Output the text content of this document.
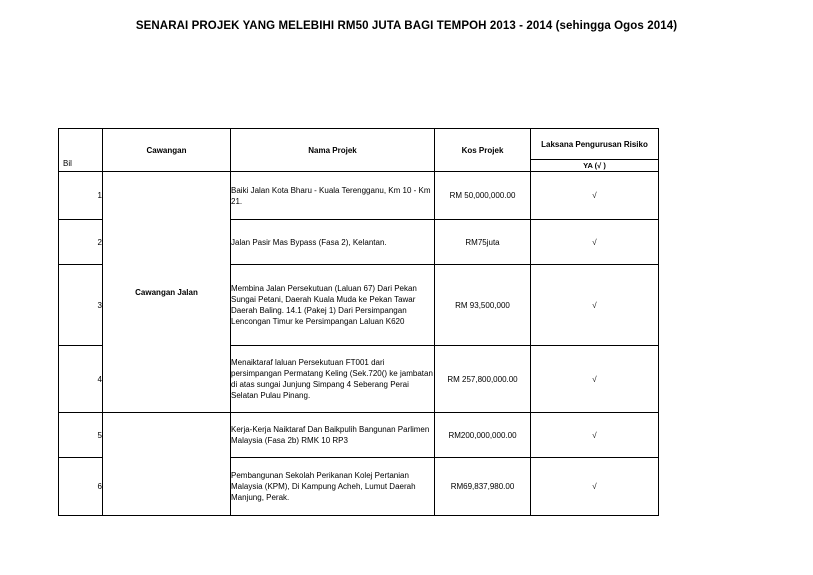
SENARAI PROJEK YANG MELEBIHI RM50 JUTA BAGI TEMPOH 2013 - 2014 (sehingga Ogos 2014)
Bil	Cawangan	Nama Projek	Kos Projek	Laksana Pengurusan Risiko
				YA (√ )
1	Cawangan Jalan	Baiki Jalan Kota Bharu - Kuala Terengganu, Km 10 - Km 21.	RM 50,000,000.00	√
2		Jalan Pasir Mas Bypass (Fasa 2), Kelantan.	RM75juta	√
3		Membina Jalan Persekutuan (Laluan 67) Dari Pekan Sungai Petani, Daerah Kuala Muda ke Pekan Tawar Daerah Baling. 14.1 (Pakej 1) Dari Persimpangan Lencongan Timur ke Persimpangan Laluan K620	RM 93,500,000	√
4		Menaiktaraf laluan Persekutuan FT001 dari persimpangan Permatang Keling (Sek.720() ke jambatan di atas sungai Junjung Simpang 4 Seberang Perai Selatan Pulau Pinang.	RM 257,800,000.00	√
5		Kerja-Kerja Naiktaraf Dan Baikpulih Bangunan Parlimen Malaysia (Fasa 2b) RMK 10 RP3	RM200,000,000.00	√
6		Pembangunan Sekolah Perikanan Kolej Pertanian Malaysia (KPM), Di Kampung Acheh, Lumut Daerah Manjung, Perak.	RM69,837,980.00	√
